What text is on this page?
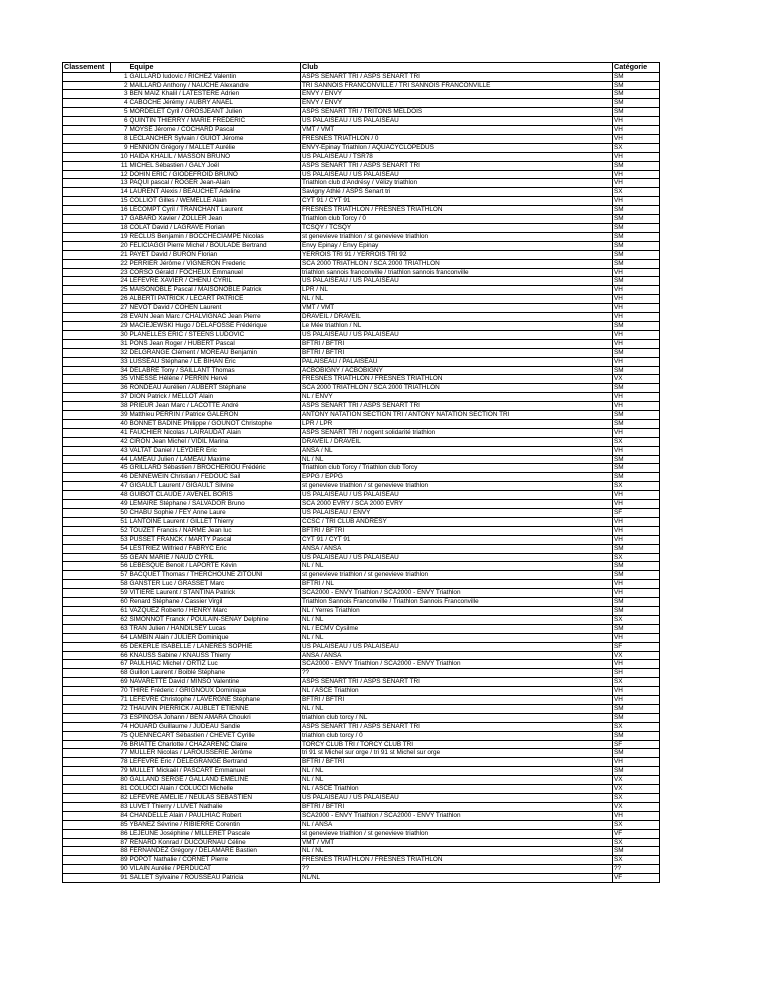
Classement		Equipe	Club	Catégorie
	1	GAILLARD ludovic / RICHEZ Valentin	ASPS SENART TRI / ASPS SENART TRI	SM
	2	MAILLARD Anthony / NAUCHE Alexandre	TRI SANNOIS FRANCONVILLE / TRI SANNOIS FRANCONVILLE	SM
	3	BEN MAIZ Khalil / LATESTERE Adrien	ENVY / ENVY	SM
	4	CABOCHE Jérémy / AUBRY ANAEL	ENVY / ENVY	SM
	5	MORDELET Cyril / GROSJEANT Julien	ASPS SENART TRI / TRITONS MELDOIS	SM
	6	QUINTIN THIERRY / MARIE FREDERIC	US PALAISEAU / US PALAISEAU	VH
	7	MOYSE Jérome / COCHARD Pascal	VMT / VMT	VH
	8	LECLANCHER Sylvain / GUIOT Jérome	FRESNES TRIATHLON / 0	VH
	9	HENNION Grégory / MALLET Aurélie	ENVY-Epinay Triathlon / AQUACYCLOPEDUS	SX
	10	HAIDA KHALIL / MASSON BRUNO	US PALAISEAU / TSR78	VH
	11	MICHEL Sébastien / GALY Joël	ASPS SENART TRI / ASPS SENART TRI	SM
	12	DOHIN ERIC / GIODEFROID BRUNO	US PALAISEAU / US PALAISEAU	VH
	13	PAQUI pascal / ROGER Jean-Alain	Triathlon club d'Andrésy / Vélizy triathlon	VH
	14	LAURENT Alexis / BEAUCHET Adeline	Savigny Athlé / ASPS Senart tri	SX
	15	COLLIOT Gilles / WEMELLE Alain	CYT 91 / CYT 91	VH
	16	LECOMPT Cyril / TRANCHANT Laurent	FRESNES TRIATHLON / FRESNES TRIATHLON	SM
	17	GABARD Xavier / ZOLLER Jean	Triathlon club Torcy / 0	SM
	18	COLAT David / LAGRAVE Florian	TCSQY / TCSQY	SM
	19	RECLUS Benjamin / BOCCHECIAMPE Nicolas	st genevieve triathlon / st genevieve triathlon	SM
	20	FELICIAGGI Pierre Michel / BOULADE Bertrand	Envy Epinay / Envy Epinay	SM
	21	PAYET David / BURON Florian	YERROIS TRI 91 / YERROIS TRI 92	SM
	22	PERRIER Jérôme / VIGNERON Frederic	SCA 2000 TRIATHLON / SCA 2000 TRIATHLON	SM
	23	CORSO Gérald / FOCHEUX Emmanuel	triathlon sannois franconville / triathlon sannois franconville	VH
	24	LEFEVRE XAVIER / CHENU CYRIL	US PALAISEAU / US PALAISEAU	SM
	25	MAISONOBLE Pascal / MAISONOBLE Patrick	LPR / NL	VH
	26	ALBERTI PATRICK / LECART PATRICE	NL / NL	VH
	27	NEVOT David / COHEN Laurent	VMT / VMT	VH
	28	EVAIN Jean Marc / CHALVIGNAC Jean Pierre	DRAVEIL / DRAVEIL	VH
	29	MACIEJEWSKI Hugo / DELAFOSSE Frédérique	Le Mée triathlon / NL	SM
	30	PLANELLES ERIC / STEENS LUDOVIC	US PALAISEAU / US PALAISEAU	VH
	31	PONS Jean Roger / HUBERT Pascal	BFTRI / BFTRI	VH
	32	DELGRANGE Clément / MOREAU Benjamin	BFTRI / BFTRI	SM
	33	LUSSEAU Stéphane / LE BIHAN Eric	PALAISEAU / PALAISEAU	VH
	34	DELABRE Tony / SAILLANT Thomas	ACBOBIGNY / ACBOBIGNY	SM
	35	VINESSE Hélène / PERRIN Hervé	FRESNES TRIATHLON / FRESNES TRIATHLON	VX
	36	RONDEAU Aurélien / AUBERT Stéphane	SCA 2000 TRIATHLON / SCA 2000 TRIATHLON	SM
	37	DION Patrick / MELLOT Alain	NL / ENVY	VH
	38	PRIEUR Jean Marc / LACOTTE André	ASPS SENART TRI / ASPS SENART TRI	VH
	39	Matthieu PERRIN / Patrice GALERON	ANTONY NATATION SECTION TRI / ANTONY NATATION SECTION TRI	SM
	40	BONNET BADINE Philippe / GOUNOT Christophe	LPR / LPR	SM
	41	FAUCHIER Nicolas / LAIRAUDAT Alain	ASPS SENART TRI / nogent solidarité triathlon	VH
	42	CIRON Jean Michel / VIDIL Marina	DRAVEIL / DRAVEIL	SX
	43	VALTAT Daniel / LEYDIER Eric	ANSA / NL	VH
	44	LAMEAU Julien / LAMEAU Maxime	NL / NL	SM
	45	GRILLARD Sébastien / BROCHERIOU Frédéric	Triathlon club Torcy / Triathlon club Torcy	SM
	46	DENNEWEIN Christian / FEDOUC Sail	EPPG / EPPG	SM
	47	GIGAULT Laurent / GIGAULT Silvine	st genevieve triathlon / st genevieve triathlon	SX
	48	GUIBOT CLAUDE / AVENEL BORIS	US PALAISEAU / US PALAISEAU	VH
	49	LEMAIRE Stéphane / SALVADOR Bruno	SCA 2000 EVRY / SCA 2000 EVRY	VH
	50	CHABU Sophie / FEY Anne Laure	US PALAISEAU / ENVY	SF
	51	LANTOINE Laurent / GILLET Thierry	CCSC / TRI CLUB ANDRESY	VH
	52	TOUZET Francis / NARME Jean luc	BFTRI / BFTRI	VH
	53	PUSSET FRANCK / MARTY Pascal	CYT 91 / CYT 91	VH
	54	LESTRIEZ Wilfried / FABRYC Eric	ANSA / ANSA	SM
	55	GEAN MARIE / NAUD CYRIL	US PALAISEAU / US PALAISEAU	SX
	56	LEBESQUE Benoit / LAPORTE Kévin	NL / NL	SM
	57	BACQUET Thomas / THERCHOUNE ZITOUNI	st genevieve triathlon / st genevieve triathlon	SM
	58	GANSTER Luc / GRASSET Marc	BFTRI / NL	VH
	59	VITIERE Laurent / STANTINA Patrick	SCA2000 - ENVY Triathlon / SCA2000 - ENVY Triathlon	VH
	60	Renard Stéphane / Cassier Virgil	Triathlon Sannois Franconville / Triathlon Sannois Franconville	SM
	61	VAZQUEZ Roberto / HENRY Marc	NL / Yerres Triathlon	SM
	62	SIMONNOT Franck / POULAIN-SENAY Delphine	NL / NL	SX
	63	TRAN Julien / HANDILSEY Lucas	NL / ECMV Cysilme	SM
	64	LAMBIN Alain / JULIER Dominique	NL / NL	VH
	65	DEKERLE ISABELLE / LANERES SOPHIE	US PALAISEAU / US PALAISEAU	SF
	66	KNAUSS Sabine / KNAUSS Thierry	ANSA / ANSA	VX
	67	PAULHIAC Michel / ORTIZ Luc	SCA2000 - ENVY Triathlon / SCA2000 - ENVY Triathlon	VH
	68	Guillon Laurent / Boiblé Stéphane	??	SH
	69	NAVARETTE David / MINSO Valentine	ASPS SENART TRI / ASPS SENART TRI	SX
	70	THIRE Fréderic / GRIGNOUX Dominique	NL / ASCE Triathlon	VH
	71	LEFEVRE Christophe / LAVERGNE Stéphane	BFTRI / BFTRI	VH
	72	THAUVIN PIERRICK / AUBLET ETIENNE	NL / NL	SM
	73	ESPINOSA Johann / BEN AMARA Choukri	triathlon club torcy / NL	SM
	74	HOUARD Guillaume / JUDEAU Sandie	ASPS SENART TRI / ASPS SENART TRI	SX
	75	QUENNECART Sébastien / CHEVET Cyrille	triathlon club torcy / 0	SM
	76	BRIATTE Charlotte / CHAZARENC Claire	TORCY CLUB TRI / TORCY CLUB TRI	SF
	77	MULLER Nicolas / LAROUSSERIE Jérôme	tri 91 st Michel sur orge / tri 91 st Michel sur orge	SM
	78	LEFEVRE Eric / DELEGRANGE Bertrand	BFTRI / BFTRI	VH
	79	MULLET Mickaël / PASCART Emmanuel	NL / NL	SM
	80	GALLAND SERGE / GALLAND EMELINE	NL / NL	VX
	81	COLUCCI Alain / COLUCCI Michelle	NL / ASCE Triathlon	VX
	82	LEFEVRE AMELIE / NEULAS SEBASTIEN	US PALAISEAU / US PALAISEAU	SX
	83	LUVET Thierry / LUVET Nathalie	BFTRI / BFTRI	VX
	84	CHANDELLE Alain / PAULHIAC Robert	SCA2000 - ENVY Triathlon / SCA2000 - ENVY Triathlon	VH
	85	YBANEZ Sévrine / RIBIERRE Corentin	NL / ANSA	SX
	86	LEJEUNE Joséphine / MILLERET Pascale	st genevieve triathlon / st genevieve triathlon	VF
	87	RENARD Konrad / DUCOURNAU Céline	VMT / VMT	SX
	88	FERNANDEZ Grégory / DELAMARE Bastien	NL / NL	SM
	89	POPOT Nathalie / CORNET Pierre	FRESNES TRIATHLON / FRESNES TRIATHLON	SX
	90	VILAIN Aurélie / PERDUCAT	??	??
	91	SALLET Sylvaine / ROUSSEAU Patricia	NL/NL	VF
